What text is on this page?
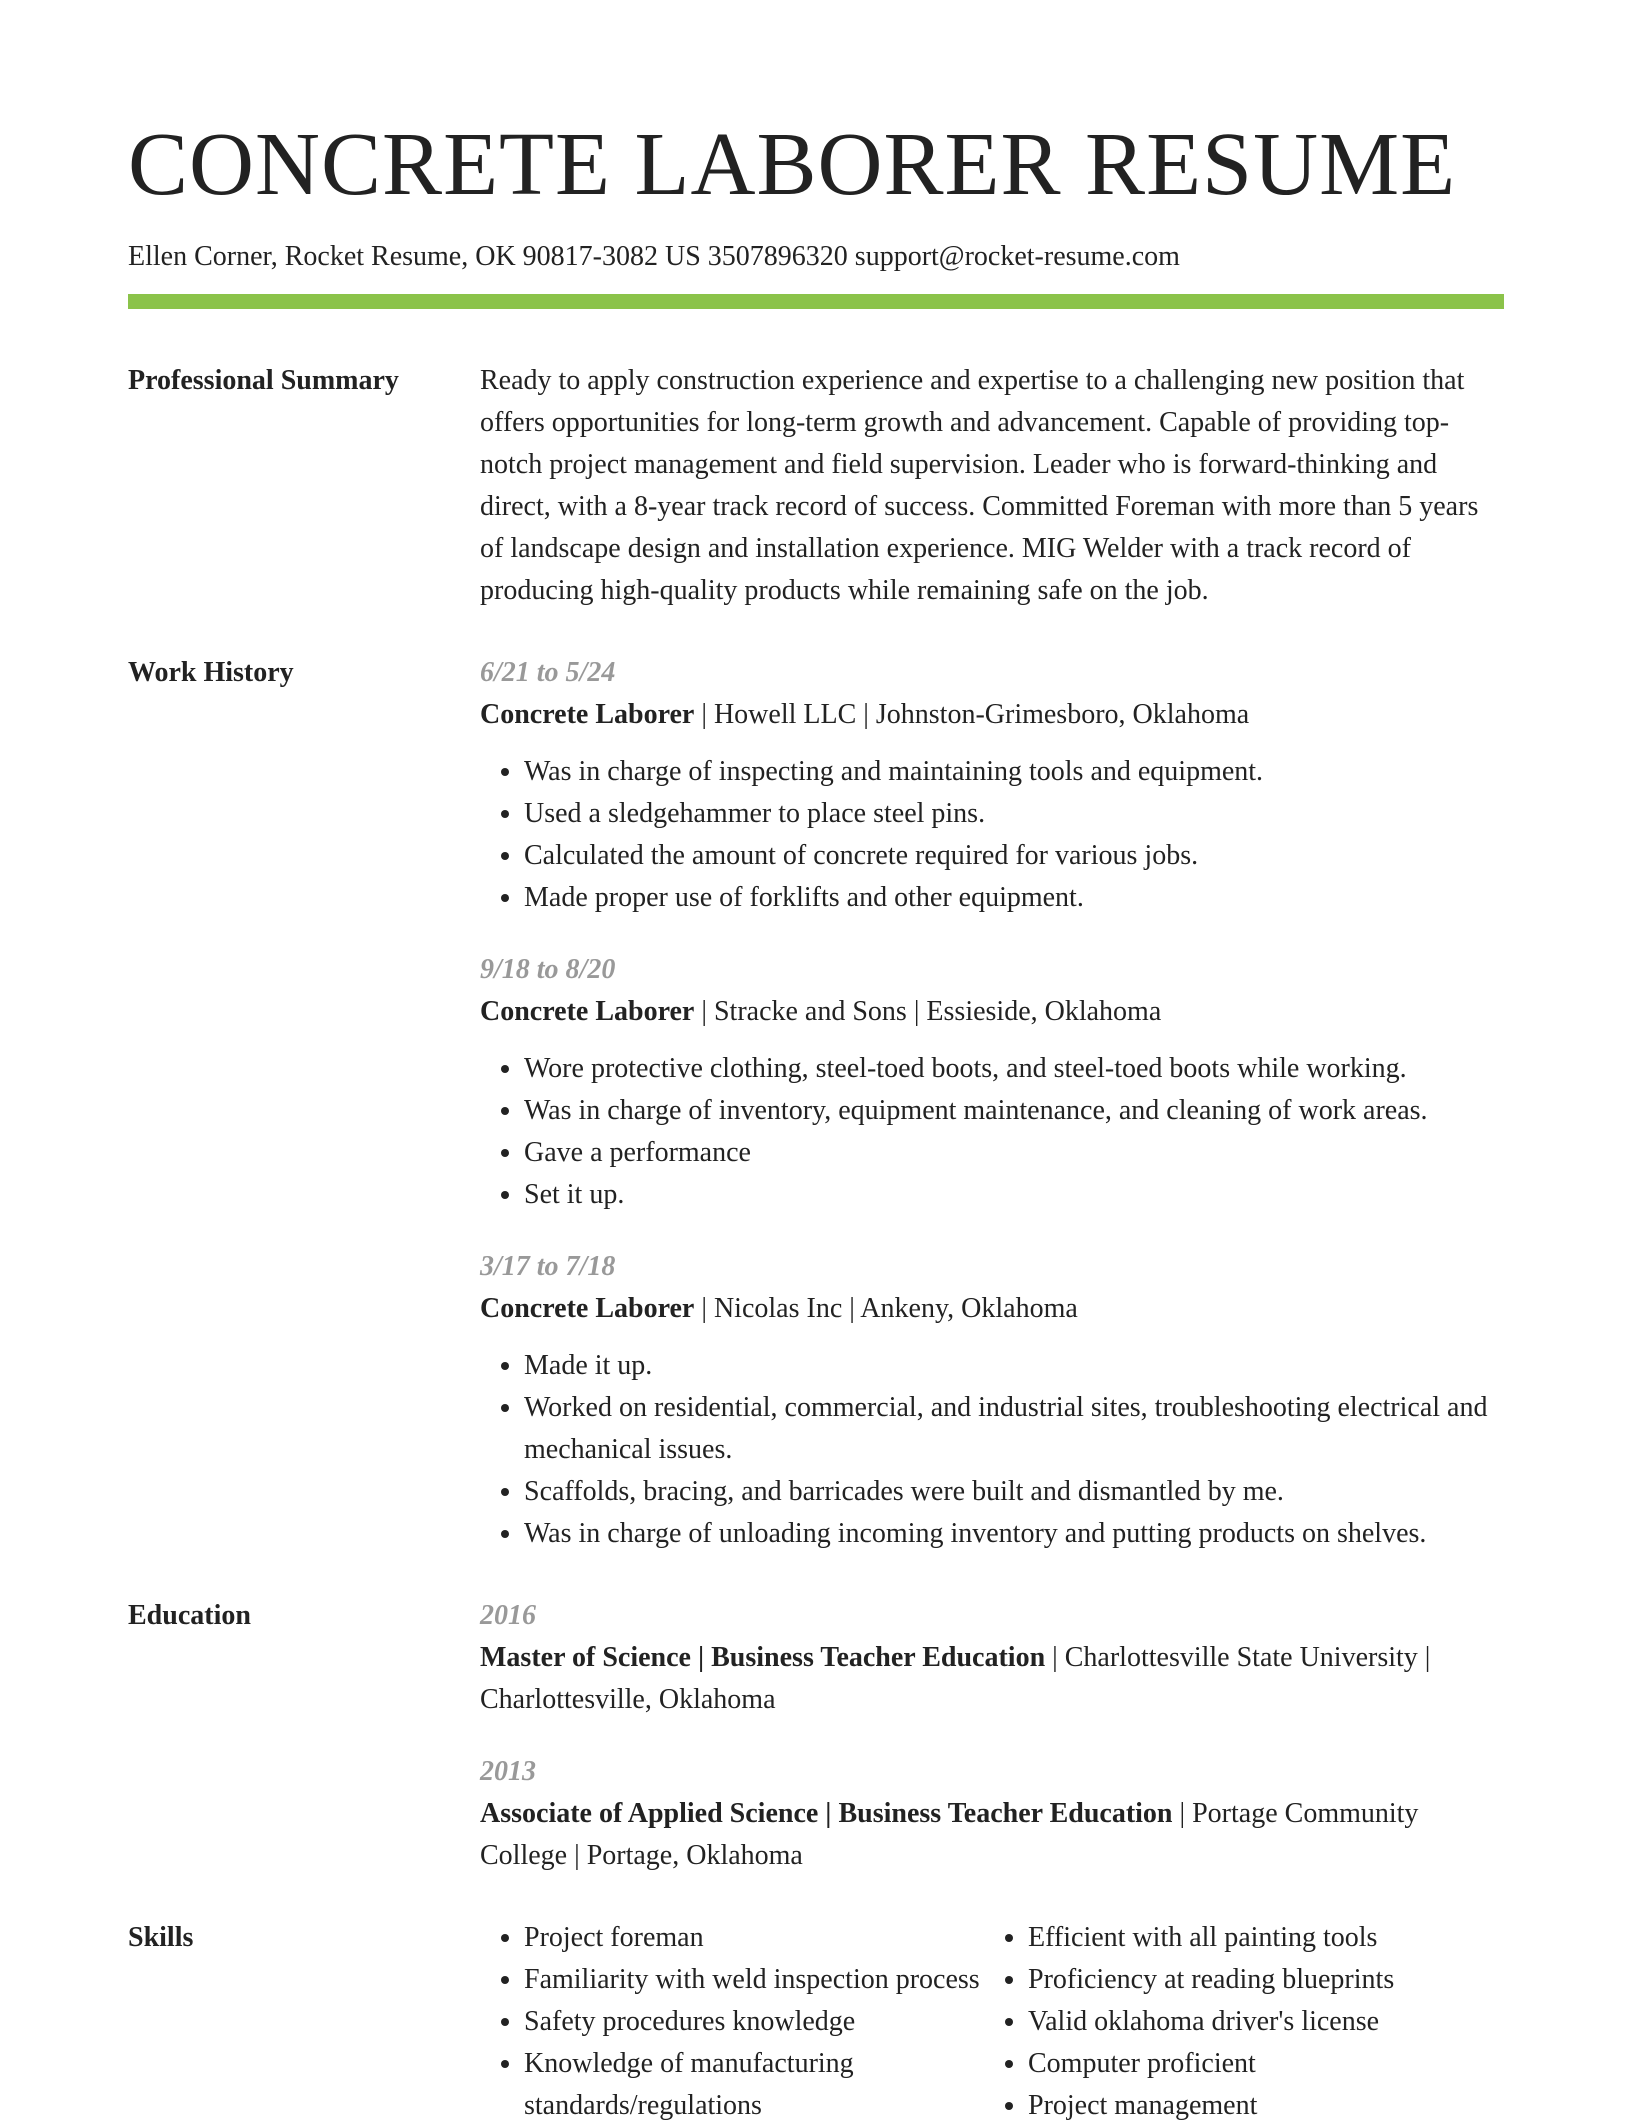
CONCRETE LABORER RESUME
Ellen Corner, Rocket Resume, OK 90817-3082 US 3507896320 support@rocket-resume.com
Professional Summary	Ready to apply construction experience and expertise to a challenging new position that offers opportunities for long-term growth and advancement. Capable of providing top-notch project management and field supervision. Leader who is forward-thinking and direct, with a 8-year track record of success. Committed Foreman with more than 5 years of landscape design and installation experience. MIG Welder with a track record of producing high-quality products while remaining safe on the job.

Work History	6/21 to 5/24

Concrete Laborer | Howell LLC | Johnston-Grimesboro, Oklahoma

• Was in charge of inspecting and maintaining tools and equipment.
• Used a sledgehammer to place steel pins.
• Calculated the amount of concrete required for various jobs.
• Made proper use of forklifts and other equipment.
9/18 to 8/20

Concrete Laborer | Stracke and Sons | Essieside, Oklahoma

• Wore protective clothing, steel-toed boots, and steel-toed boots while working.
• Was in charge of inventory, equipment maintenance, and cleaning of work areas.
• Gave a performance
• Set it up.
3/17 to 7/18

Concrete Laborer | Nicolas Inc | Ankeny, Oklahoma

• Made it up.
• Worked on residential, commercial, and industrial sites, troubleshooting electrical and mechanical issues.
• Scaffolds, bracing, and barricades were built and dismantled by me.
• Was in charge of unloading incoming inventory and putting products on shelves.
Education	2016

Master of Science | Business Teacher Education | Charlottesville State University | Charlottesville, Oklahoma

2013

Associate of Applied Science | Business Teacher Education | Portage Community College | Portage, Oklahoma

Skills
•	Project foreman
• Familiarity with weld inspection process
• Safety procedures knowledge
• Knowledge of manufacturing standards/regulations
• Efficient with all painting tools
• Proficiency at reading blueprints
• Valid oklahoma driver's license
• Computer proficient
• Project management
